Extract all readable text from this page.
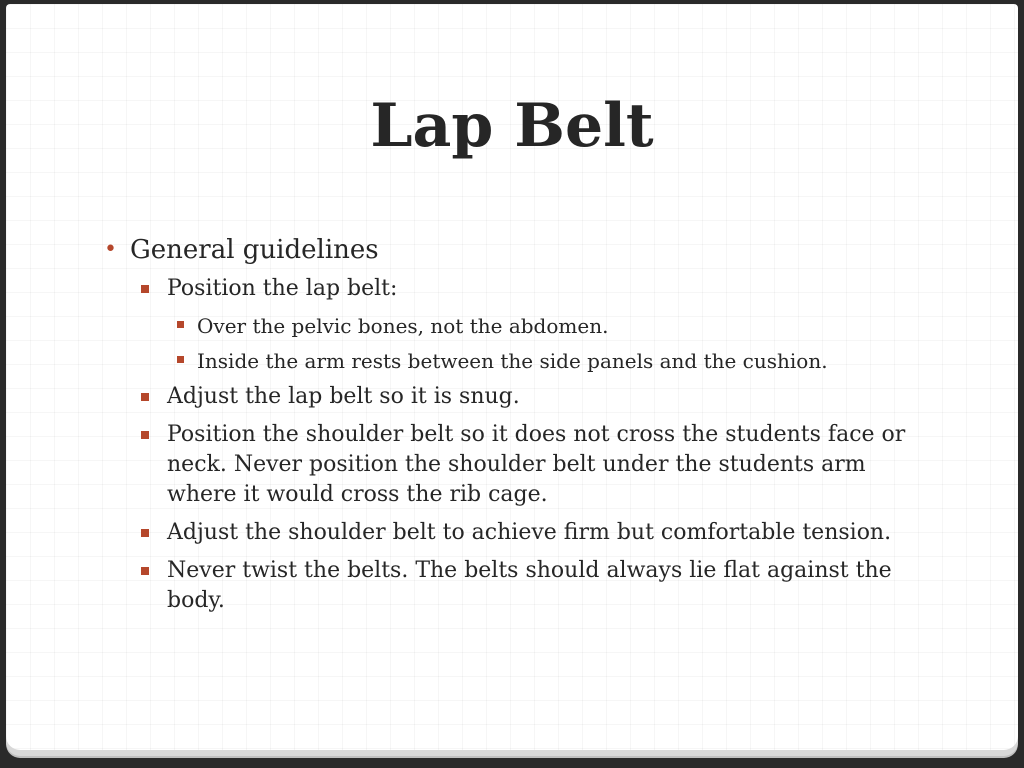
Lap Belt
• General guidelines
Position the lap belt:
Over the pelvic bones, not the abdomen.
Inside the arm rests between the side panels and the cushion.
Adjust the lap belt so it is snug.
Position the shoulder belt so it does not cross the students face or neck. Never position the shoulder belt under the students arm where it would cross the rib cage.
Adjust the shoulder belt to achieve firm but comfortable tension.
Never twist the belts. The belts should always lie flat against the body.
